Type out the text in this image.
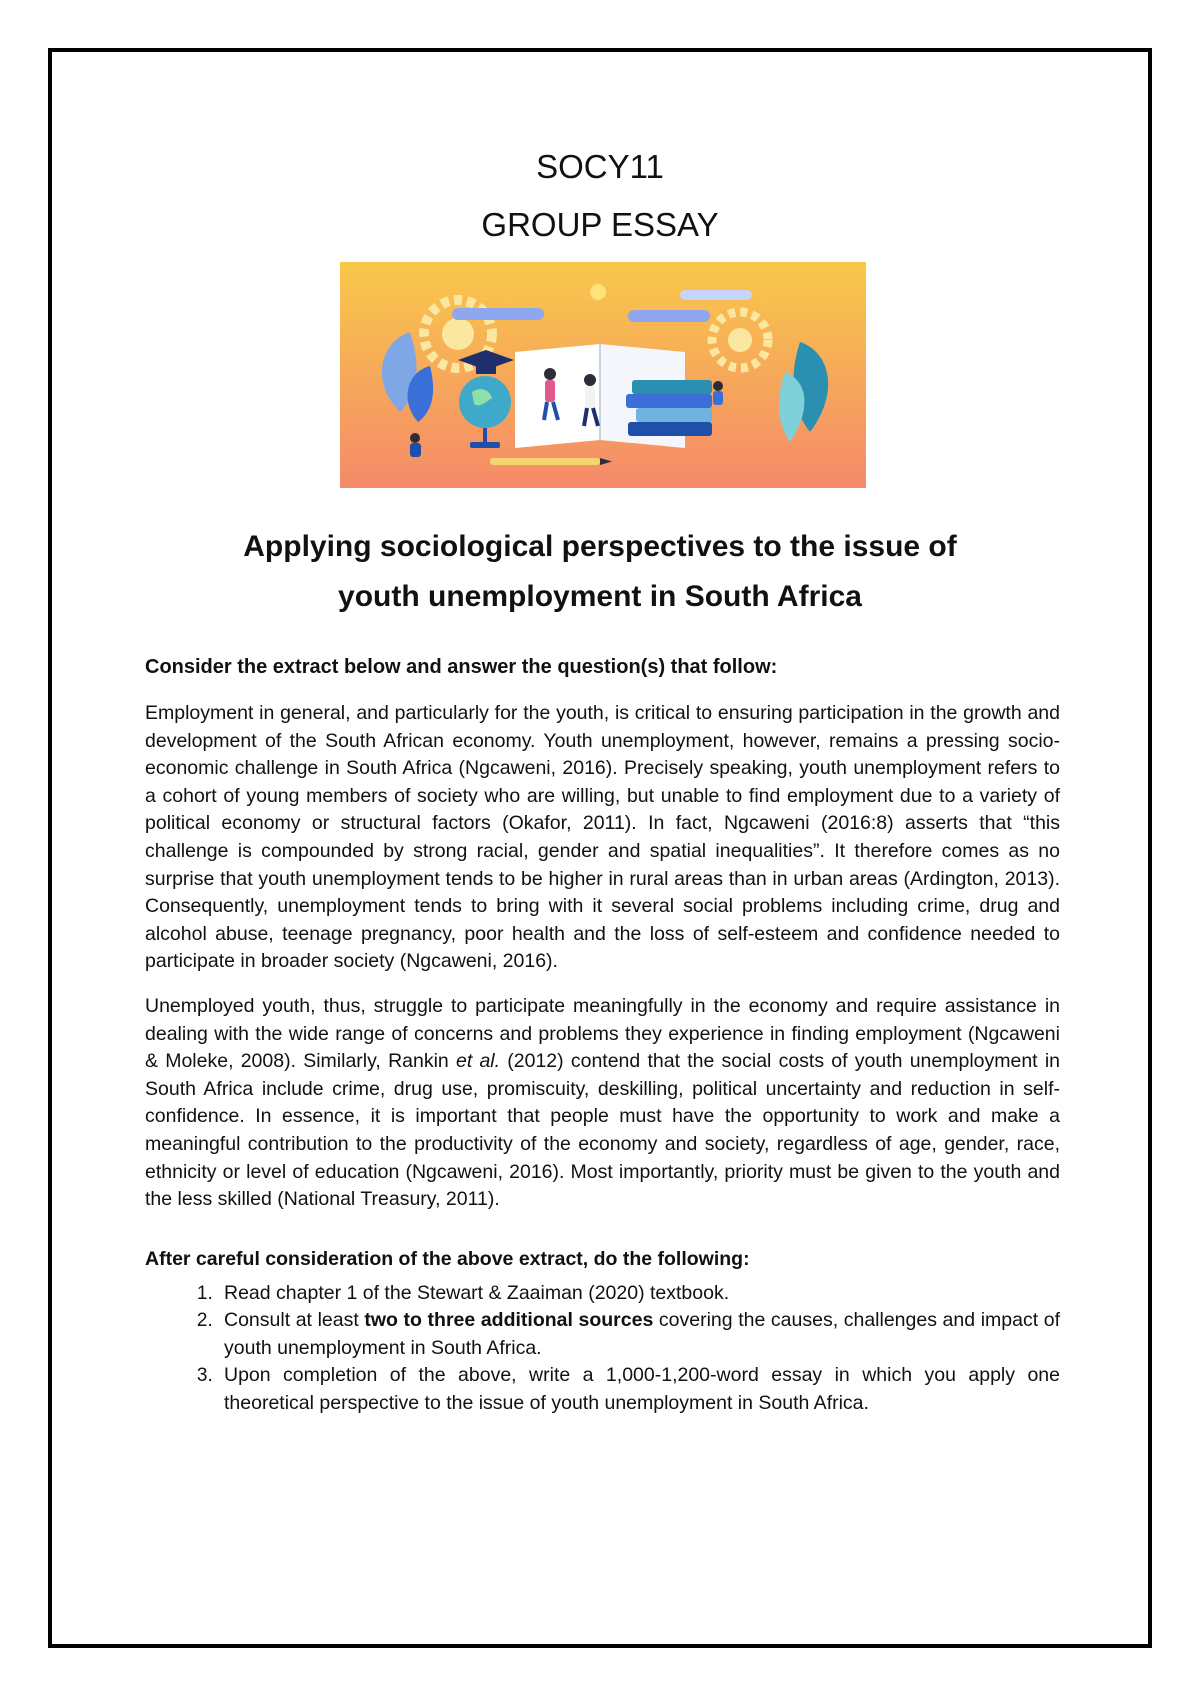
SOCY11
GROUP ESSAY
Applying sociological perspectives to the issue of
youth unemployment in South Africa
Consider the extract below and answer the question(s) that follow:

Employment in general, and particularly for the youth, is critical to ensuring participation in the growth and development of the South African economy. Youth unemployment, however, remains a pressing socio-economic challenge in South Africa (Ngcaweni, 2016). Precisely speaking, youth unemployment refers to a cohort of young members of society who are willing, but unable to find employment due to a variety of political economy or structural factors (Okafor, 2011). In fact, Ngcaweni (2016:8) asserts that “this challenge is compounded by strong racial, gender and spatial inequalities”. It therefore comes as no surprise that youth unemployment tends to be higher in rural areas than in urban areas (Ardington, 2013). Consequently, unemployment tends to bring with it several social problems including crime, drug and alcohol abuse, teenage pregnancy, poor health and the loss of self-esteem and confidence needed to participate in broader society (Ngcaweni, 2016).

Unemployed youth, thus, struggle to participate meaningfully in the economy and require assistance in dealing with the wide range of concerns and problems they experience in finding employment (Ngcaweni & Moleke, 2008). Similarly, Rankin et al. (2012) contend that the social costs of youth unemployment in South Africa include crime, drug use, promiscuity, deskilling, political uncertainty and reduction in self-confidence. In essence, it is important that people must have the opportunity to work and make a meaningful contribution to the productivity of the economy and society, regardless of age, gender, race, ethnicity or level of education (Ngcaweni, 2016). Most importantly, priority must be given to the youth and the less skilled (National Treasury, 2011).

After careful consideration of the above extract, do the following:
1. Read chapter 1 of the Stewart & Zaaiman (2020) textbook.
2. Consult at least two to three additional sources covering the causes, challenges and impact of youth unemployment in South Africa.
3. Upon completion of the above, write a 1,000-1,200-word essay in which you apply one theoretical perspective to the issue of youth unemployment in South Africa.
